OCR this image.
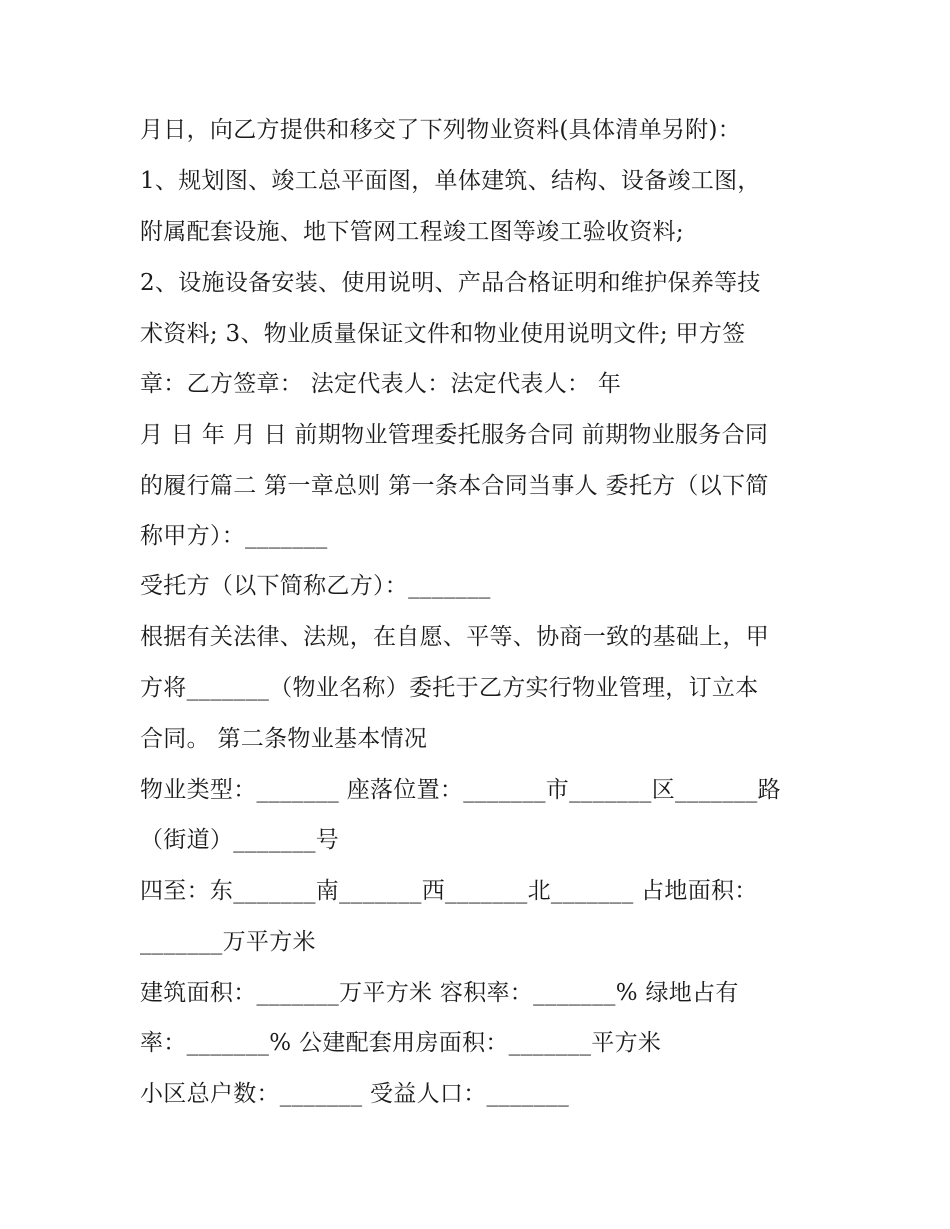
月日，向乙方提供和移交了下列物业资料(具体清单另附)：
1、规划图、竣工总平面图，单体建筑、结构、设备竣工图，
附属配套设施、地下管网工程竣工图等竣工验收资料;
2、设施设备安装、使用说明、产品合格证明和维护保养等技
术资料; 3、物业质量保证文件和物业使用说明文件; 甲方签
章：乙方签章： 法定代表人：法定代表人： 年
月 日 年 月 日 前期物业管理委托服务合同 前期物业服务合同
的履行篇二 第一章总则 第一条本合同当事人 委托方（以下简
称甲方）：_______
受托方（以下简称乙方）：_______
根据有关法律、法规，在自愿、平等、协商一致的基础上，甲
方将_______（物业名称）委托于乙方实行物业管理，订立本
合同。 第二条物业基本情况
物业类型：_______ 座落位置：_______市_______区_______路
（街道）_______号
四至：东_______南_______西_______北_______ 占地面积：
_______万平方米
建筑面积：_______万平方米 容积率：_______% 绿地占有
率：_______% 公建配套用房面积：_______平方米
小区总户数：_______ 受益人口：_______
